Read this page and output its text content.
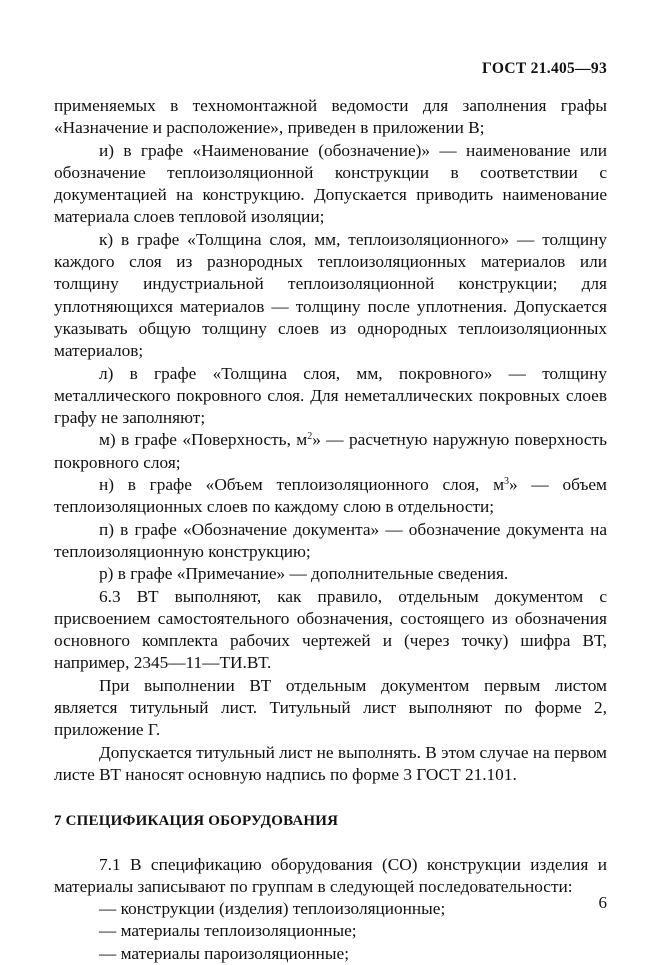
ГОСТ 21.405—93

применяемых в техномонтажной ведомости для заполнения графы «Назначение и расположение», приведен в приложении В;

и) в графе «Наименование (обозначение)» — наименование или обозначение теплоизоляционной конструкции в соответствии с документацией на конструкцию. Допускается приводить наименование материала слоев тепловой изоляции;

к) в графе «Толщина слоя, мм, теплоизоляционного» — толщину каждого слоя из разнородных теплоизоляционных материалов или толщину индустриальной теплоизоляционной конструкции; для уплотняющихся материалов — толщину после уплотнения. Допускается указывать общую толщину слоев из однородных теплоизоляционных материалов;

л) в графе «Толщина слоя, мм, покровного» — толщину металлического покровного слоя. Для неметаллических покровных слоев графу не заполняют;

м) в графе «Поверхность, $м^2$» — расчетную наружную поверхность покровного слоя;

н) в графе «Объем теплоизоляционного слоя, $м^3$» — объем теплоизоляционных слоев по каждому слою в отдельности;

п) в графе «Обозначение документа» — обозначение документа на теплоизоляционную конструкцию;

р) в графе «Примечание» — дополнительные сведения.

6.3 ВТ выполняют, как правило, отдельным документом с присвоением самостоятельного обозначения, состоящего из обозначения основного комплекта рабочих чертежей и (через точку) шифра ВТ, например, 2345—11—ТИ.ВТ.

При выполнении ВТ отдельным документом первым листом является титульный лист. Титульный лист выполняют по форме 2, приложение Г.

Допускается титульный лист не выполнять. В этом случае на первом листе ВТ наносят основную надпись по форме 3 ГОСТ 21.101.

7 СПЕЦИФИКАЦИЯ ОБОРУДОВАНИЯ

7.1 В спецификацию оборудования (СО) конструкции изделия и материалы записывают по группам в следующей последовательности:

— конструкции (изделия) теплоизоляционные;

— материалы теплоизоляционные;

— материалы пароизоляционные;

6
